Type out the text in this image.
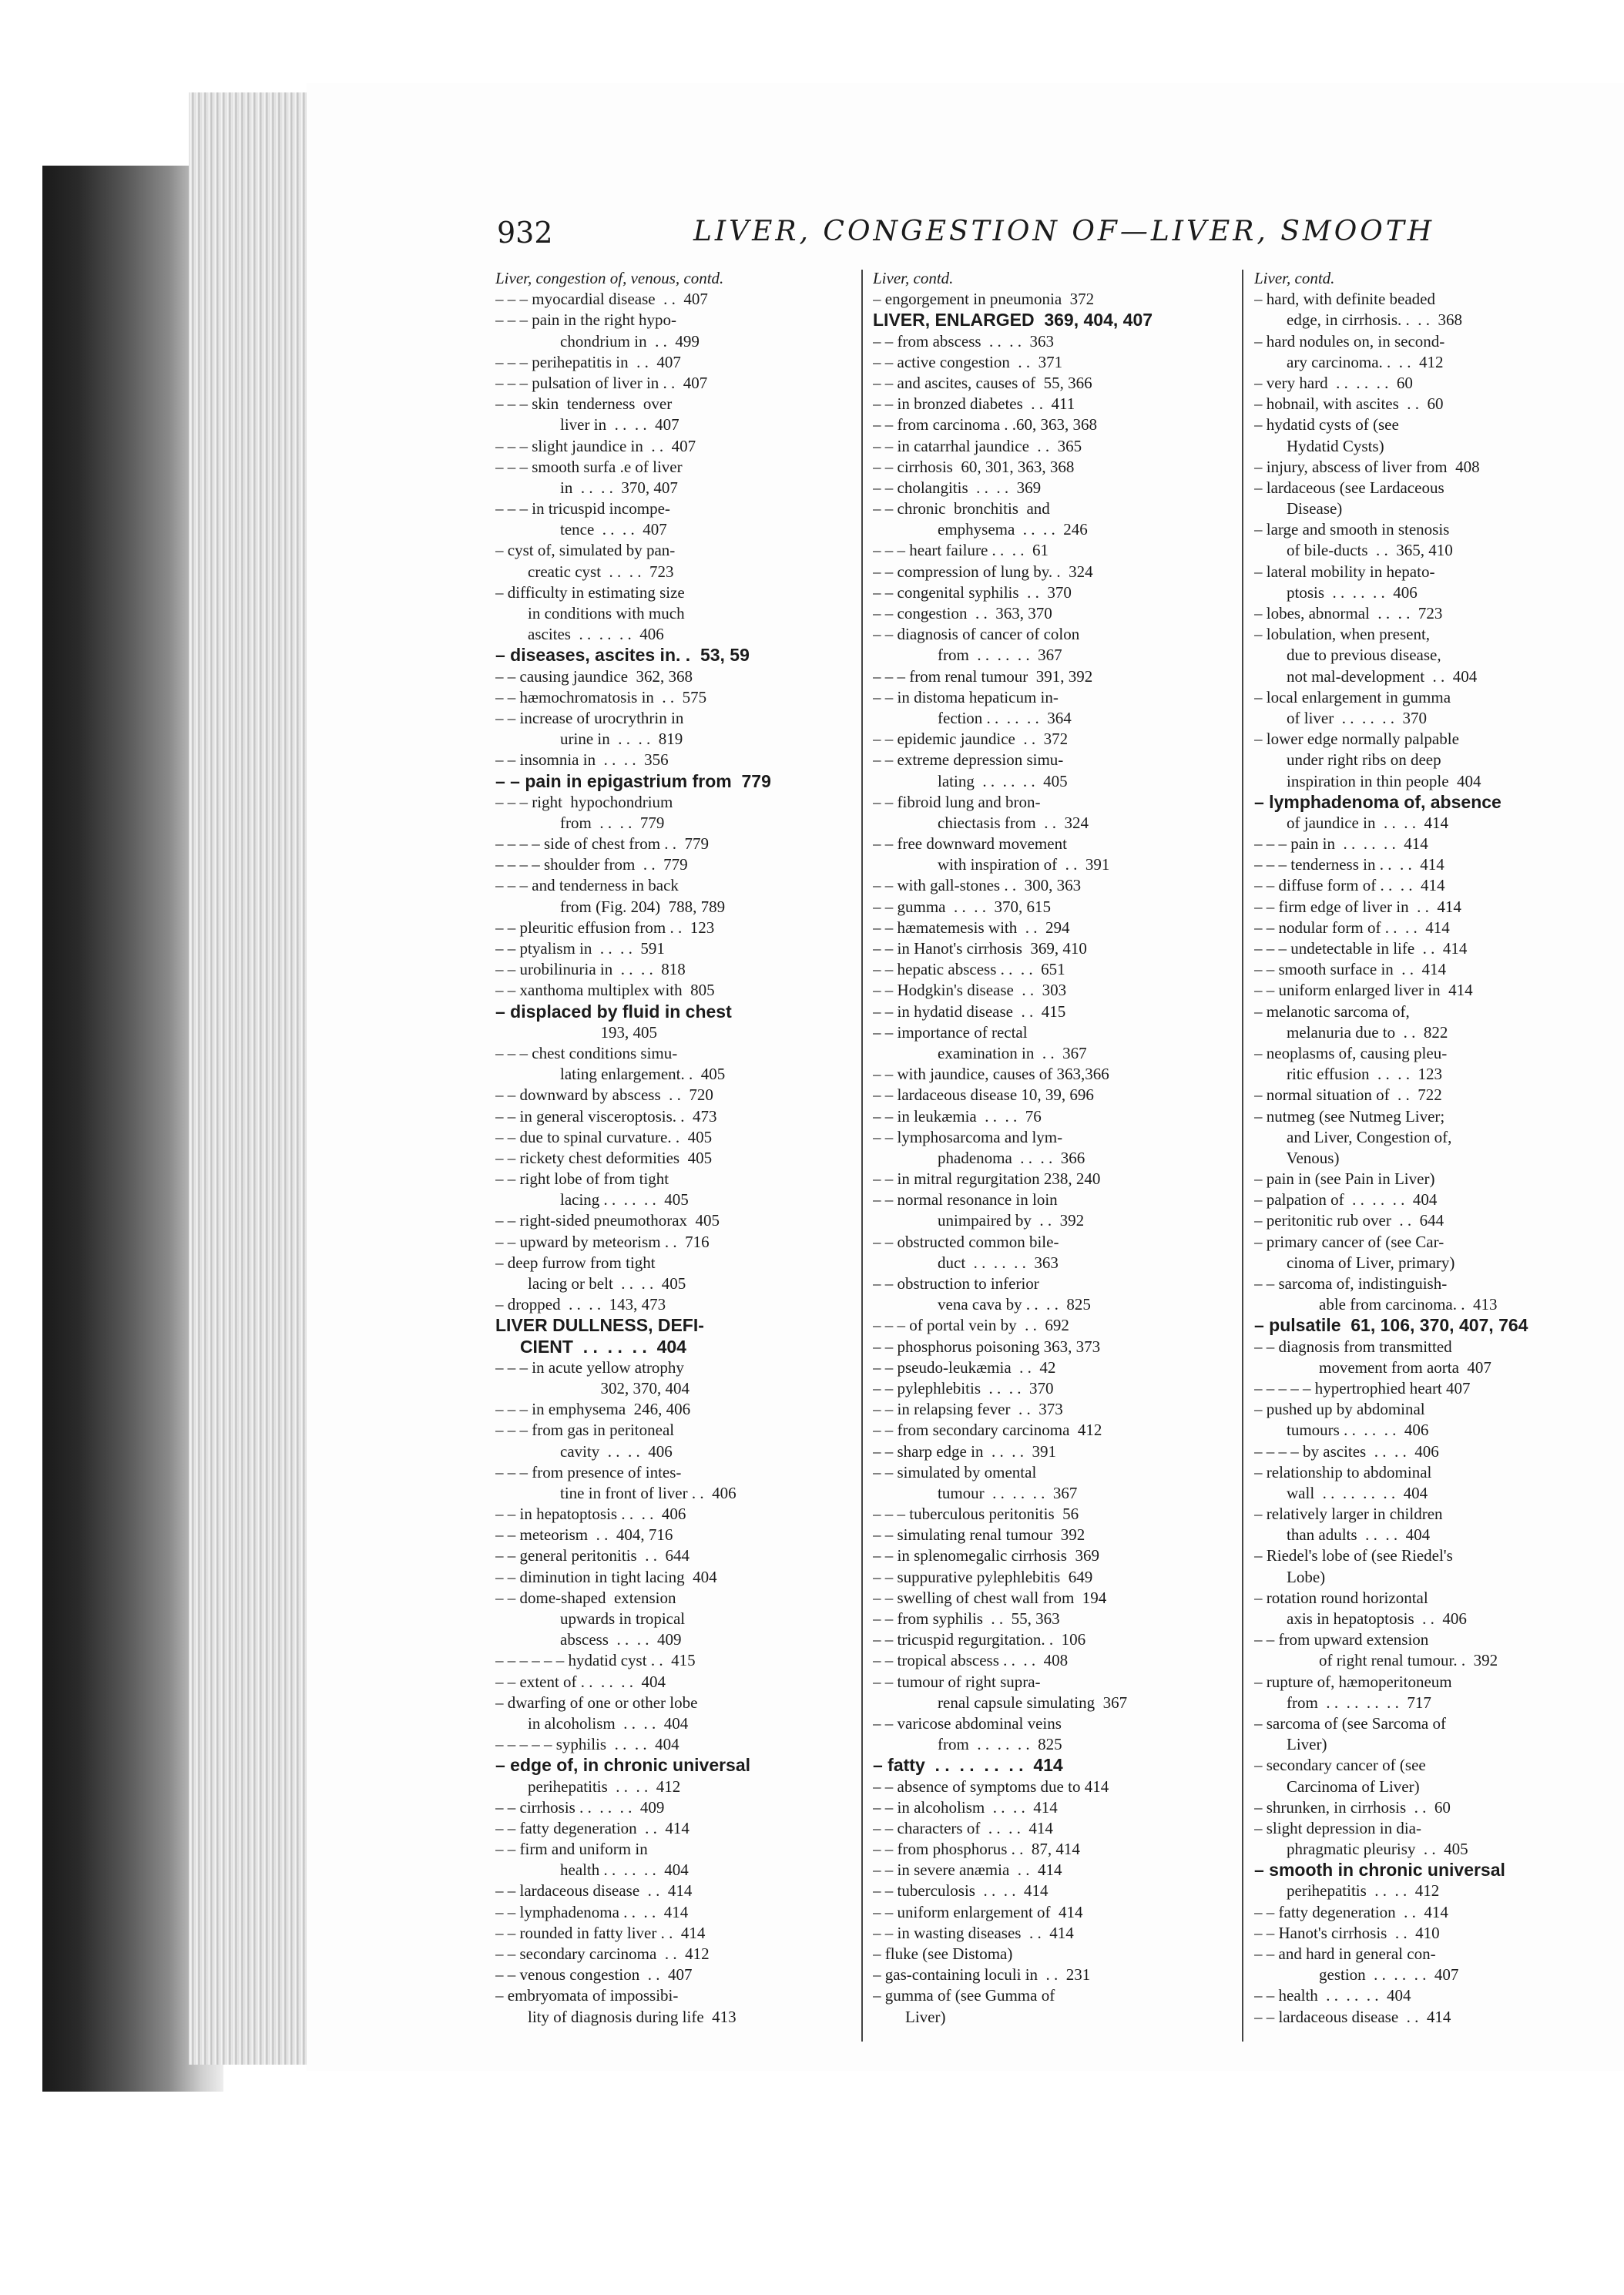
932	LIVER, CONGESTION OF—LIVER, SMOOTH
Liver, congestion of, venous, contd.
– – – myocardial disease  . .  407
– – – pain in the right hypo-
chondrium in  . .  499
– – – perihepatitis in  . .  407
– – – pulsation of liver in . .  407
– – – skin  tenderness  over
liver in  . .  . .  407
– – – slight jaundice in  . .  407
– – – smooth surfa .e of liver
in  . .  . .  370, 407
– – – in tricuspid incompe-
tence  . .  . .  407
– cyst of, simulated by pan-
creatic cyst  . .  . .  723
– difficulty in estimating size
in conditions with much
ascites  . .  . .  . .  406
– diseases, ascites in. .  53, 59
– – causing jaundice  362, 368
– – hæmochromatosis in  . .  575
– – increase of urocrythrin in
urine in  . .  . .  819
– – insomnia in  . .  . .  356
– – pain in epigastrium from  779
– – – right  hypochondrium
from  . .  . .  779
– – – – side of chest from . .  779
– – – – shoulder from  . .  779
– – – and tenderness in back
from (Fig. 204)  788, 789
– – pleuritic effusion from . .  123
– – ptyalism in  . .  . .  591
– – urobilinuria in  . .  . .  818
– – xanthoma multiplex with  805
– displaced by fluid in chest
193, 405
– – – chest conditions simu-
lating enlargement. .  405
– – downward by abscess  . .  720
– – in general visceroptosis. .  473
– – due to spinal curvature. .  405
– – rickety chest deformities  405
– – right lobe of from tight
lacing . .  . .  . .  405
– – right-sided pneumothorax  405
– – upward by meteorism . .  716
– deep furrow from tight
lacing or belt  . .  . .  405
– dropped  . .  . .  143, 473
LIVER DULLNESS, DEFI-
CIENT  . .  . .  . .  404
– – – in acute yellow atrophy
302, 370, 404
– – – in emphysema  246, 406
– – – from gas in peritoneal
cavity  . .  . .  406
– – – from presence of intes-
tine in front of liver . .  406
– – in hepatoptosis . .  . .  406
– – meteorism  . .  404, 716
– – general peritonitis  . .  644
– – diminution in tight lacing  404
– – dome-shaped  extension
upwards in tropical
abscess  . .  . .  409
– – – – – – hydatid cyst . .  415
– – extent of . .  . .  . .  404
– dwarfing of one or other lobe
in alcoholism  . .  . .  404
– – – – – syphilis  . .  . .  404
– edge of, in chronic universal
perihepatitis  . .  . .  412
– – cirrhosis . .  . .  . .  409
– – fatty degeneration  . .  414
– – firm and uniform in
health . .  . .  . .  404
– – lardaceous disease  . .  414
– – lymphadenoma . .  . .  414
– – rounded in fatty liver . .  414
– – secondary carcinoma  . .  412
– – venous congestion  . .  407
– embryomata of impossibi-
lity of diagnosis during life  413
Liver, contd.
– engorgement in pneumonia  372
LIVER, ENLARGED  369, 404, 407
– – from abscess  . .  . .  363
– – active congestion  . .  371
– – and ascites, causes of  55, 366
– – in bronzed diabetes  . .  411
– – from carcinoma . .60, 363, 368
– – in catarrhal jaundice  . .  365
– – cirrhosis  60, 301, 363, 368
– – cholangitis  . .  . .  369
– – chronic  bronchitis  and
emphysema  . .  . .  246
– – – heart failure . .  . .  61
– – compression of lung by. .  324
– – congenital syphilis  . .  370
– – congestion  . .  363, 370
– – diagnosis of cancer of colon
from  . .  . .  . .  367
– – – from renal tumour  391, 392
– – in distoma hepaticum in-
fection . .  . .  . .  364
– – epidemic jaundice  . .  372
– – extreme depression simu-
lating  . .  . .  . .  405
– – fibroid lung and bron-
chiectasis from  . .  324
– – free downward movement
with inspiration of  . .  391
– – with gall-stones . .  300, 363
– – gumma  . .  . .  370, 615
– – hæmatemesis with  . .  294
– – in Hanot's cirrhosis  369, 410
– – hepatic abscess . .  . .  651
– – Hodgkin's disease  . .  303
– – in hydatid disease  . .  415
– – importance of rectal
examination in  . .  367
– – with jaundice, causes of 363,366
– – lardaceous disease 10, 39, 696
– – in leukæmia  . .  . .  76
– – lymphosarcoma and lym-
phadenoma  . .  . .  366
– – in mitral regurgitation 238, 240
– – normal resonance in loin
unimpaired by  . .  392
– – obstructed common bile-
duct  . .  . .  . .  363
– – obstruction to inferior
vena cava by . .  . .  825
– – – of portal vein by  . .  692
– – phosphorus poisoning 363, 373
– – pseudo-leukæmia  . .  42
– – pylephlebitis  . .  . .  370
– – in relapsing fever  . .  373
– – from secondary carcinoma  412
– – sharp edge in  . .  . .  391
– – simulated by omental
tumour  . .  . .  . .  367
– – – tuberculous peritonitis  56
– – simulating renal tumour  392
– – in splenomegalic cirrhosis  369
– – suppurative pylephlebitis  649
– – swelling of chest wall from  194
– – from syphilis  . .  55, 363
– – tricuspid regurgitation. .  106
– – tropical abscess . .  . .  408
– – tumour of right supra-
renal capsule simulating  367
– – varicose abdominal veins
from  . .  . .  . .  825
– fatty  . .  . .  . .  . .  414
– – absence of symptoms due to 414
– – in alcoholism  . .  . .  414
– – characters of  . .  . .  414
– – from phosphorus . .  87, 414
– – in severe anæmia  . .  414
– – tuberculosis  . .  . .  414
– – uniform enlargement of  414
– – in wasting diseases  . .  414
– fluke (see Distoma)
– gas-containing loculi in  . .  231
– gumma of (see Gumma of
Liver)
Liver, contd.
– hard, with definite beaded
edge, in cirrhosis. .  . .  368
– hard nodules on, in second-
ary carcinoma. .  . .  412
– very hard  . .  . .  . .  60
– hobnail, with ascites  . .  60
– hydatid cysts of (see
Hydatid Cysts)
– injury, abscess of liver from  408
– lardaceous (see Lardaceous
Disease)
– large and smooth in stenosis
of bile-ducts  . .  365, 410
– lateral mobility in hepato-
ptosis  . .  . .  . .  406
– lobes, abnormal  . .  . .  723
– lobulation, when present,
due to previous disease,
not mal-development  . .  404
– local enlargement in gumma
of liver  . .  . .  . .  370
– lower edge normally palpable
under right ribs on deep
inspiration in thin people  404
– lymphadenoma of, absence
of jaundice in  . .  . .  414
– – – pain in  . .  . .  . .  414
– – – tenderness in . .  . .  414
– – diffuse form of . .  . .  414
– – firm edge of liver in  . .  414
– – nodular form of . .  . .  414
– – – undetectable in life  . .  414
– – smooth surface in  . .  414
– – uniform enlarged liver in  414
– melanotic sarcoma of,
melanuria due to  . .  822
– neoplasms of, causing pleu-
ritic effusion  . .  . .  123
– normal situation of  . .  722
– nutmeg (see Nutmeg Liver;
and Liver, Congestion of,
Venous)
– pain in (see Pain in Liver)
– palpation of  . .  . .  . .  404
– peritonitic rub over  . .  644
– primary cancer of (see Car-
cinoma of Liver, primary)
– – sarcoma of, indistinguish-
able from carcinoma. .  413
– pulsatile  61, 106, 370, 407, 764
– – diagnosis from transmitted
movement from aorta  407
– – – – – hypertrophied heart 407
– pushed up by abdominal
tumours . .  . .  . .  406
– – – – by ascites  . .  . .  406
– relationship to abdominal
wall  . .  . .  . .  . .  404
– relatively larger in children
than adults  . .  . .  404
– Riedel's lobe of (see Riedel's
Lobe)
– rotation round horizontal
axis in hepatoptosis  . .  406
– – from upward extension
of right renal tumour. .  392
– rupture of, hæmoperitoneum
from  . .  . .  . .  . .  717
– sarcoma of (see Sarcoma of
Liver)
– secondary cancer of (see
Carcinoma of Liver)
– shrunken, in cirrhosis  . .  60
– slight depression in dia-
phragmatic pleurisy  . .  405
– smooth in chronic universal
perihepatitis  . .  . .  412
– – fatty degeneration  . .  414
– – Hanot's cirrhosis  . .  410
– – and hard in general con-
gestion  . .  . .  . .  407
– – health  . .  . .  . .  404
– – lardaceous disease  . .  414
